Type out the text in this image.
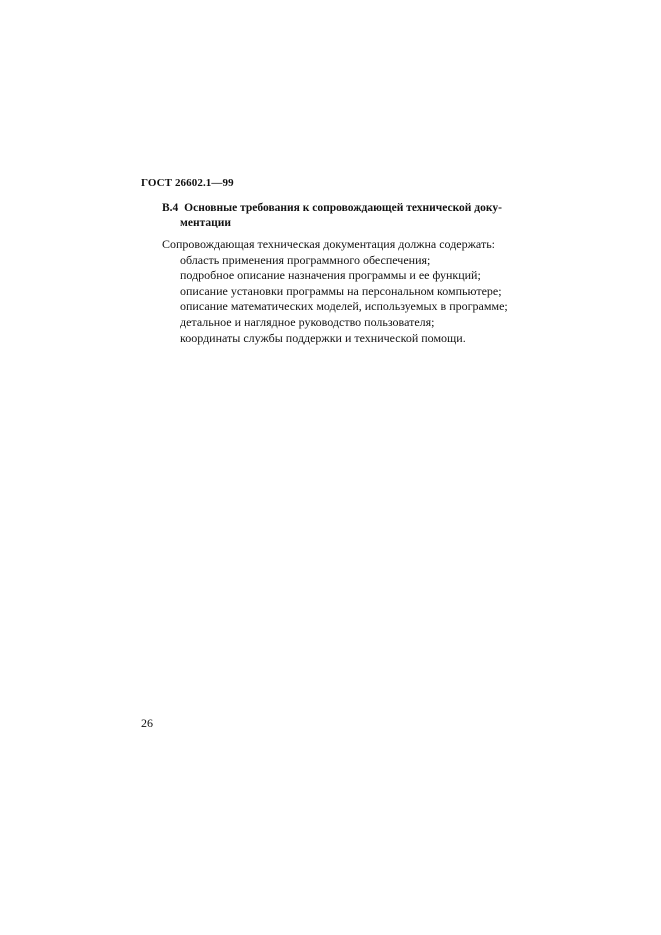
ГОСТ 26602.1—99
В.4 Основные требования к сопровождающей технической доку-
ментации
Сопровождающая техническая документация должна содержать:
область применения программного обеспечения;
подробное описание назначения программы и ее функций;
описание установки программы на персональном компьютере;
описание математических моделей, используемых в программе;
детальное и наглядное руководство пользователя;
координаты службы поддержки и технической помощи.
26
